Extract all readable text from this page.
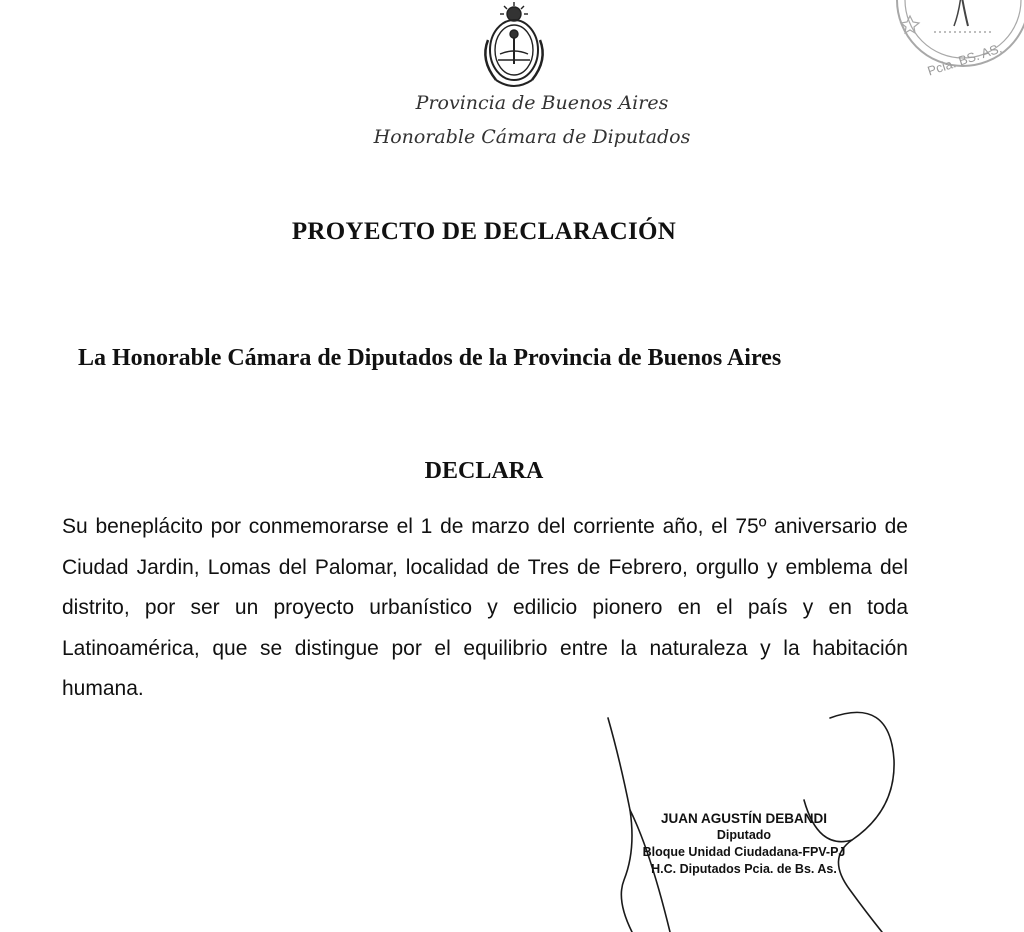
Pcia. BS. AS.
Provincia de Buenos Aires
Honorable Cámara de Diputados
PROYECTO DE DECLARACIÓN
La Honorable Cámara de Diputados de la Provincia de Buenos Aires
DECLARA
Su beneplácito por conmemorarse el 1 de marzo del corriente año, el 75º aniversario de Ciudad Jardin, Lomas del Palomar, localidad de Tres de Febrero, orgullo y emblema del distrito, por ser un proyecto urbanístico y edilicio pionero en el país y en toda Latinoamérica, que se distingue por el equilibrio entre la naturaleza y la habitación humana.
JUAN AGUSTÍN DEBANDI
Diputado
Bloque Unidad Ciudadana-FPV-PJ
H.C. Diputados Pcia. de Bs. As.
